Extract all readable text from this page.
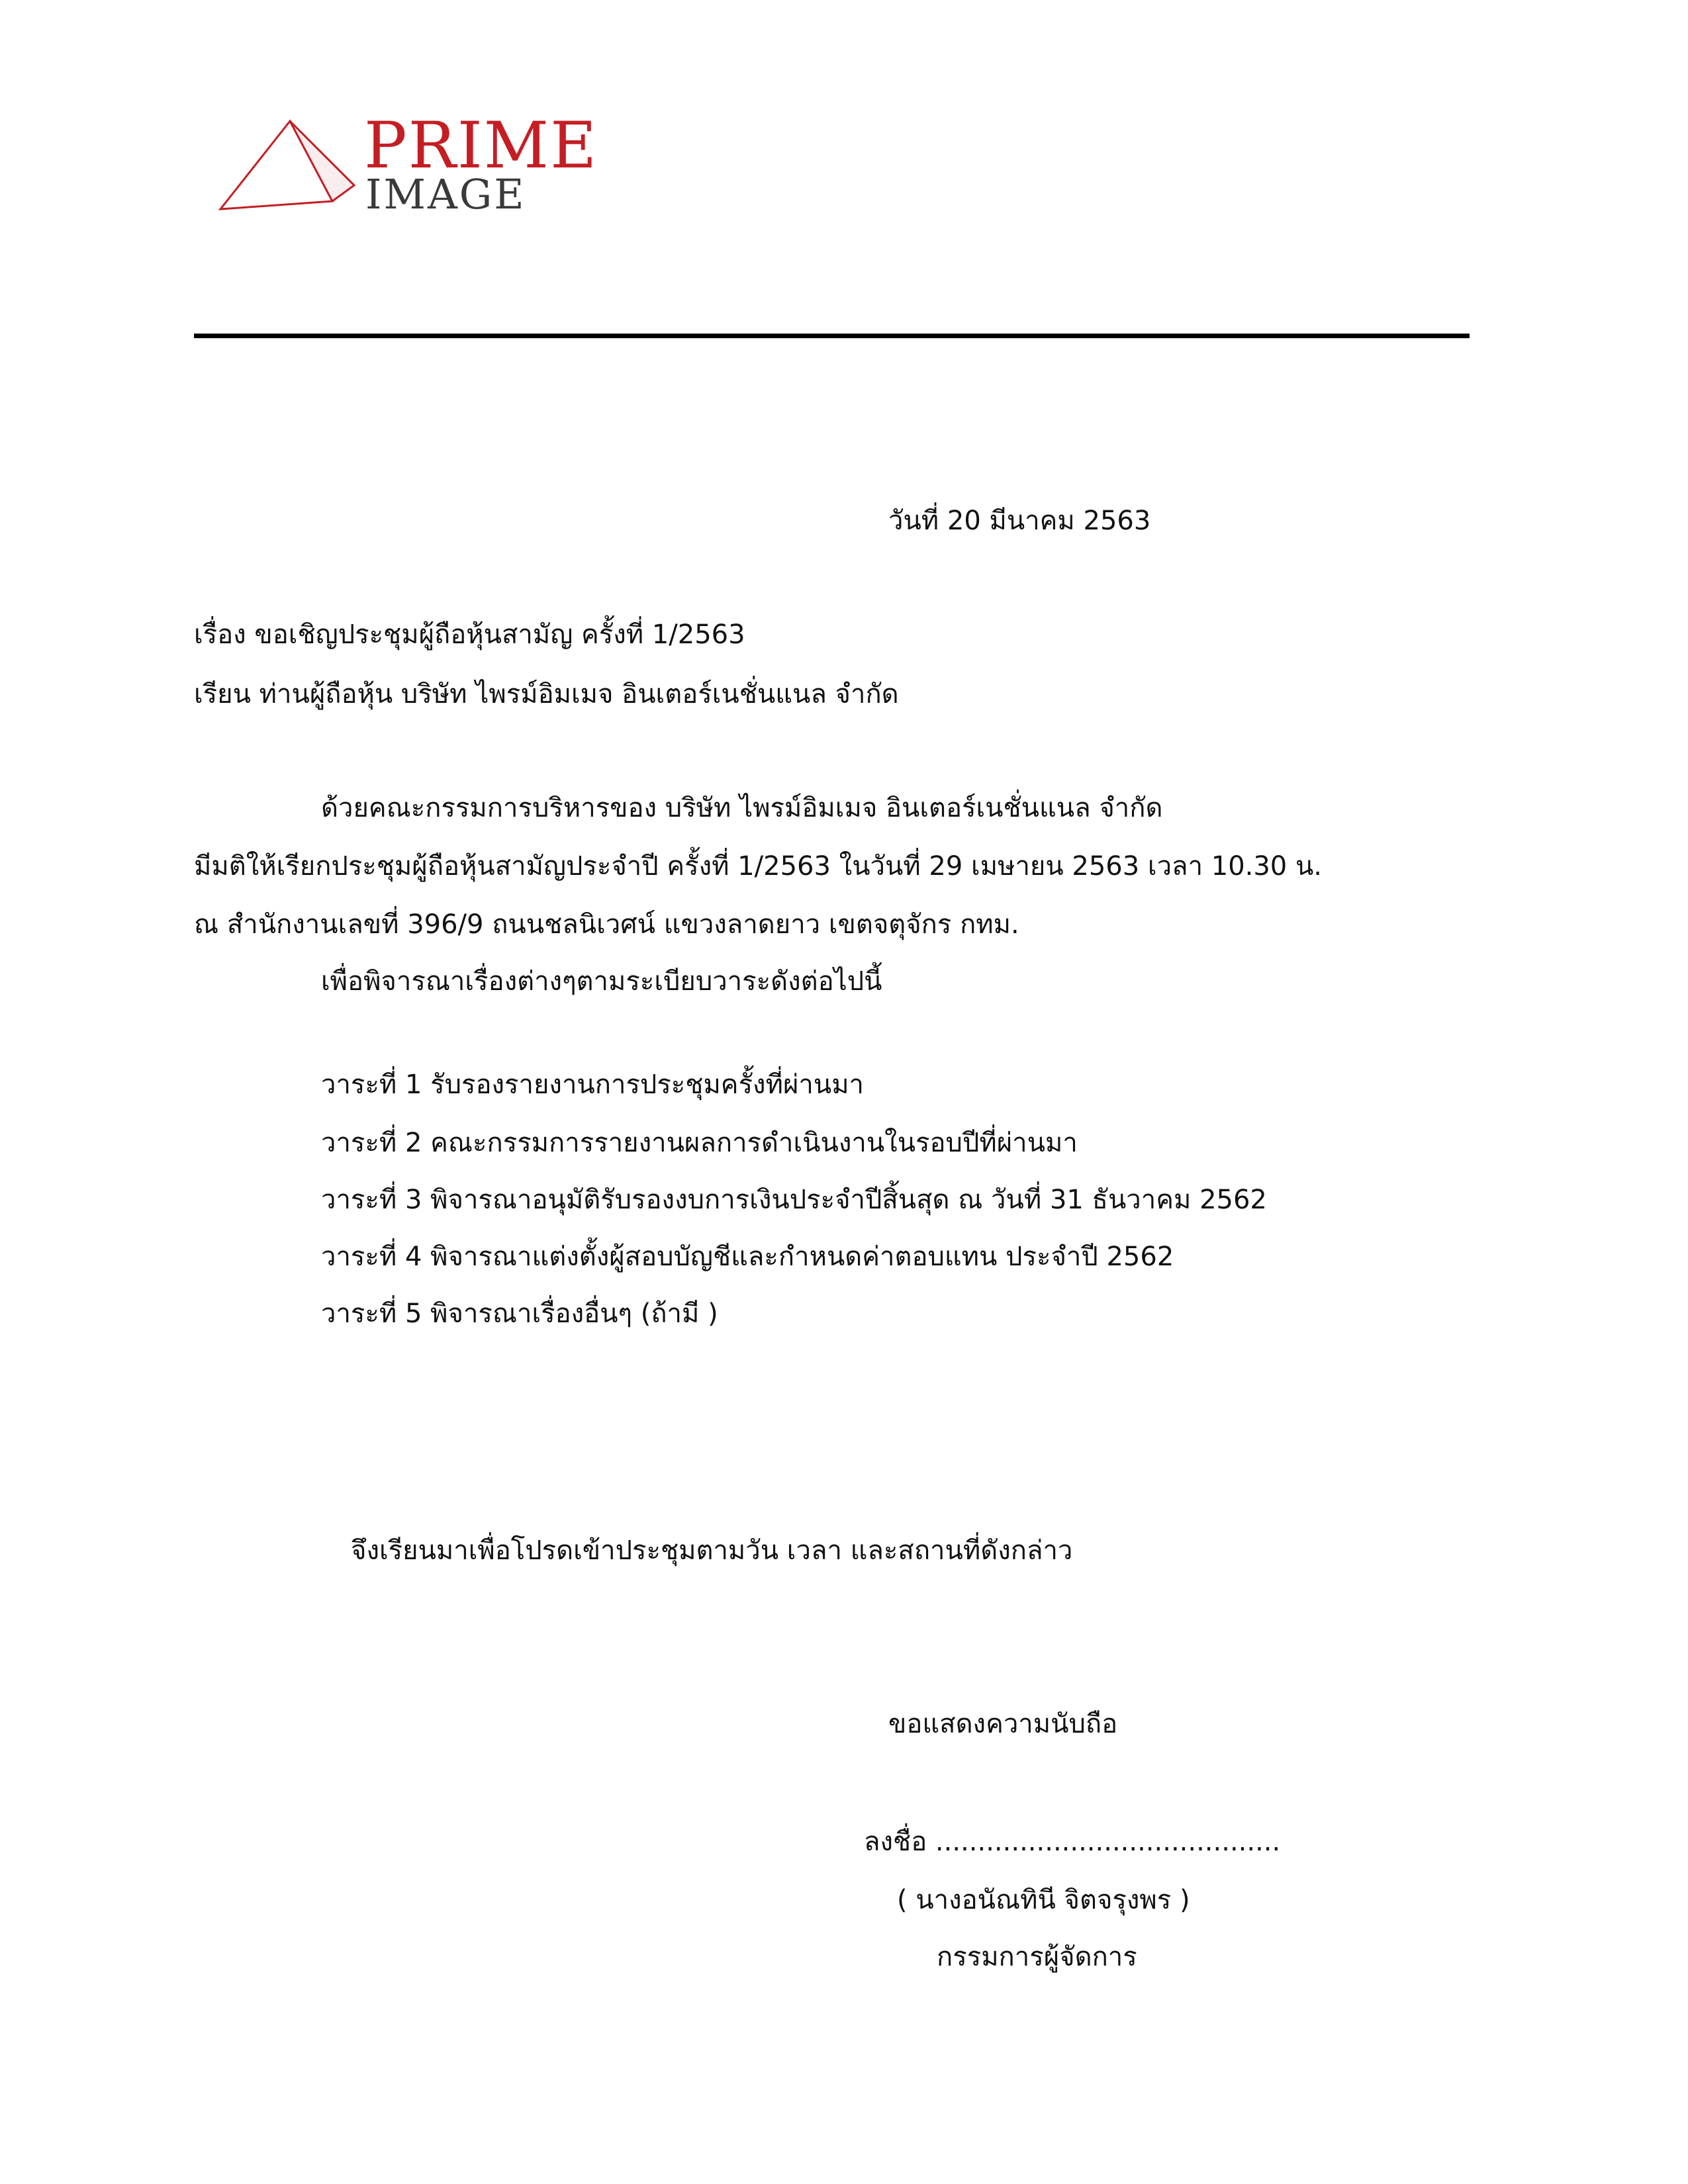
PRIME
IMAGE
วันที่ 20 มีนาคม 2563
เรื่อง ขอเชิญประชุมผู้ถือหุ้นสามัญ ครั้งที่ 1/2563
เรียน ท่านผู้ถือหุ้น บริษัท ไพรม์อิมเมจ อินเตอร์เนชั่นแนล จำกัด
ด้วยคณะกรรมการบริหารของ บริษัท ไพรม์อิมเมจ อินเตอร์เนชั่นแนล จำกัด
มีมติให้เรียกประชุมผู้ถือหุ้นสามัญประจำปี ครั้งที่ 1/2563 ในวันที่ 29 เมษายน 2563 เวลา 10.30 น.
ณ สำนักงานเลขที่ 396/9 ถนนชลนิเวศน์ แขวงลาดยาว เขตจตุจักร กทม.
เพื่อพิจารณาเรื่องต่างๆตามระเบียบวาระดังต่อไปนี้
วาระที่ 1 รับรองรายงานการประชุมครั้งที่ผ่านมา
วาระที่ 2 คณะกรรมการรายงานผลการดำเนินงานในรอบปีที่ผ่านมา
วาระที่ 3 พิจารณาอนุมัติรับรองงบการเงินประจำปีสิ้นสุด ณ วันที่ 31 ธันวาคม 2562
วาระที่ 4 พิจารณาแต่งตั้งผู้สอบบัญชีและกำหนดค่าตอบแทน ประจำปี 2562
วาระที่ 5 พิจารณาเรื่องอื่นๆ (ถ้ามี )
จึงเรียนมาเพื่อโปรดเข้าประชุมตามวัน เวลา และสถานที่ดังกล่าว
ขอแสดงความนับถือ
ลงชื่อ .........................................
( นางอนัณทินี จิตจรุงพร )
กรรมการผู้จัดการ
